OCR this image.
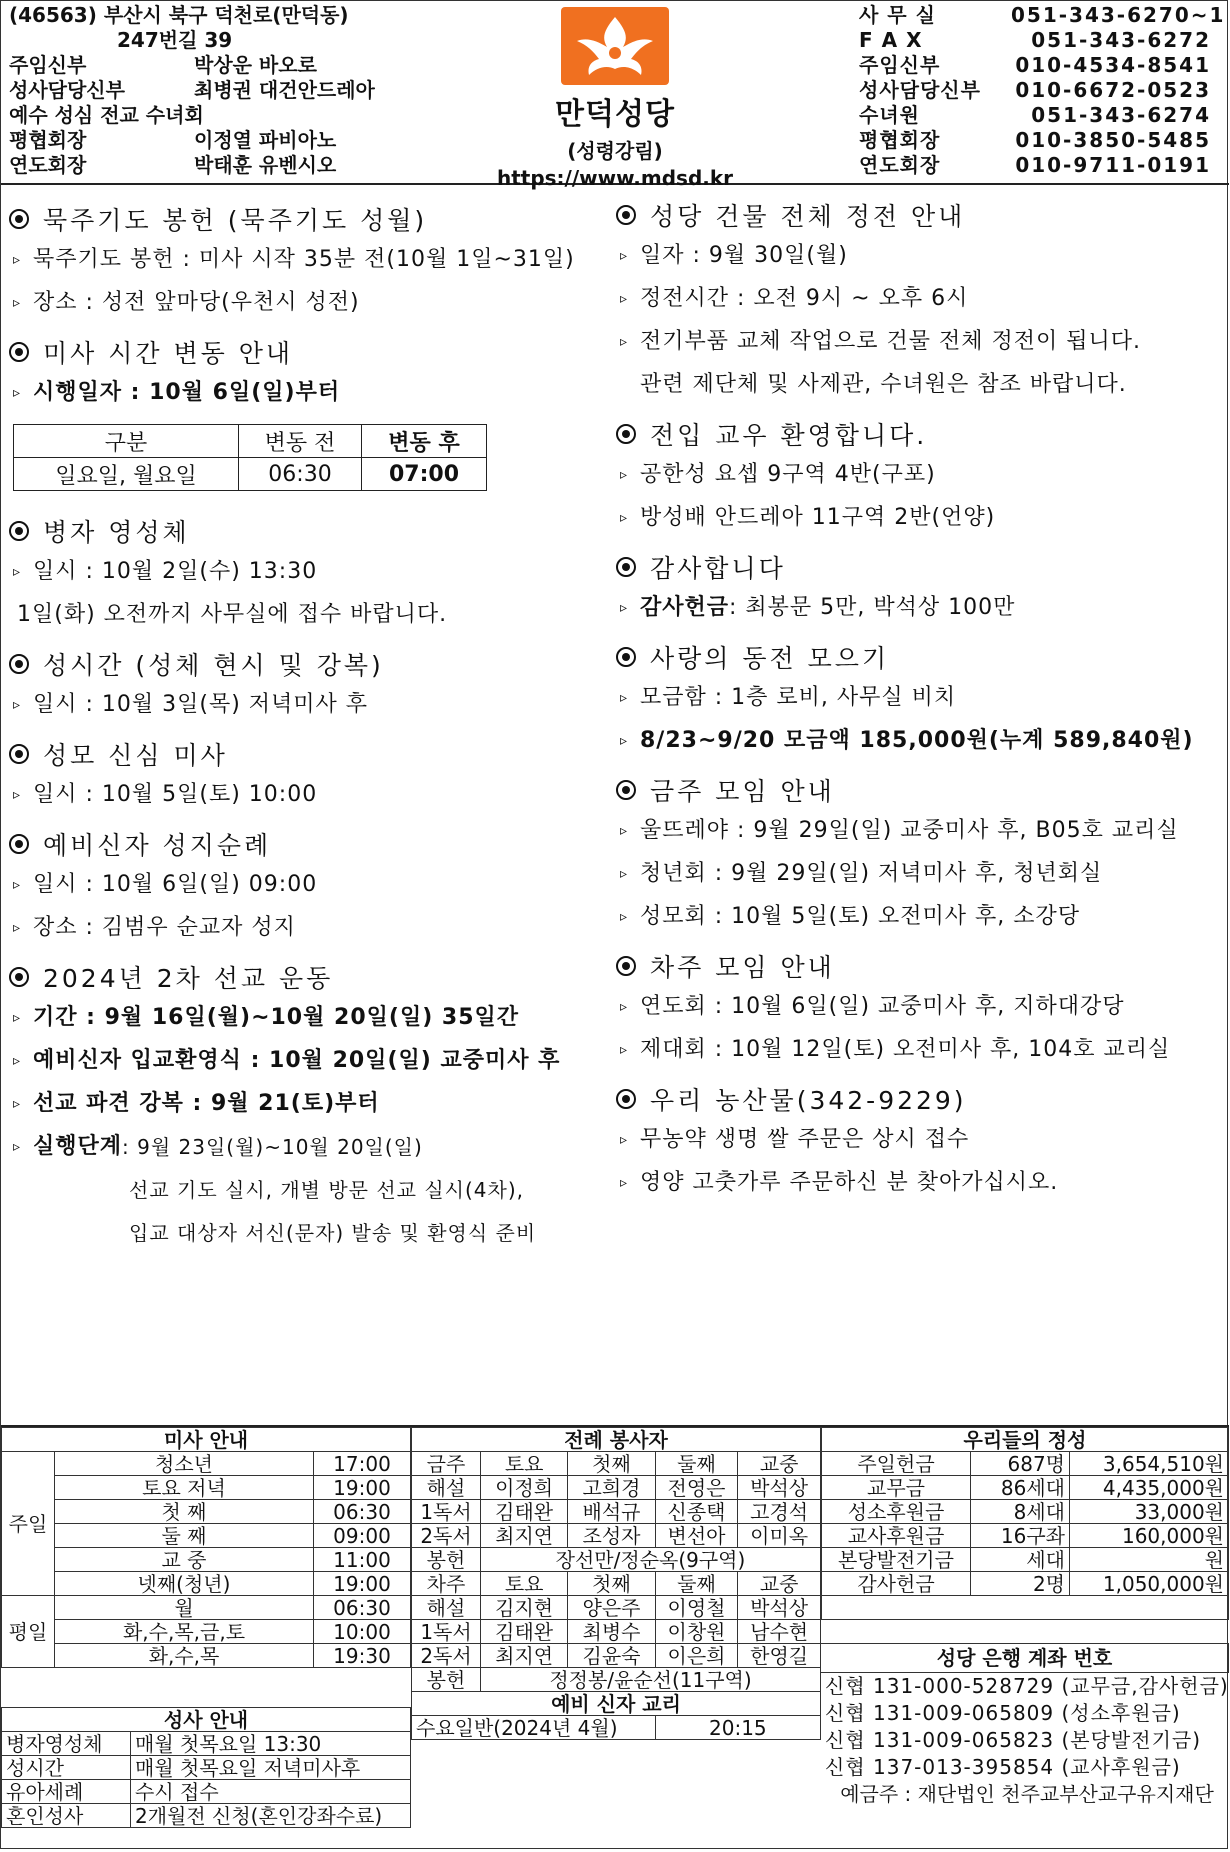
(46563) 부산시 북구 덕천로(만덕동)
247번길 39
주임신부	박상운 바오로
성사담당신부	최병권 대건안드레아
예수 성심 전교 수녀회
평협회장	이정열 파비아노
연도회장	박태훈 유벤시오
만덕성당
(성령강림)
https://www.mdsd.kr
사 무 실	051-343-6270~1
F A X	051-343-6272
주임신부	010-4534-8541
성사담당신부	010-6672-0523
수녀원	051-343-6274
평협회장	010-3850-5485
연도회장	010-9711-0191
묵주기도 봉헌 (묵주기도 성월)
▹ 묵주기도 봉헌 : 미사 시작 35분 전(10월 1일~31일)
▹ 장소 : 성전 앞마당(우천시 성전)
미사 시간 변동 안내
▹ 시행일자 : 10월 6일(일)부터
구분	변동 전	변동 후
일요일, 월요일	06:30	07:00
병자 영성체
▹ 일시 : 10월 2일(수) 13:30
1일(화) 오전까지 사무실에 접수 바랍니다.
성시간 (성체 현시 및 강복)
▹ 일시 : 10월 3일(목) 저녁미사 후
성모 신심 미사
▹ 일시 : 10월 5일(토) 10:00
예비신자 성지순례
▹ 일시 : 10월 6일(일) 09:00
▹ 장소 : 김범우 순교자 성지
2024년 2차 선교 운동
▹ 기간 : 9월 16일(월)~10월 20일(일) 35일간
▹ 예비신자 입교환영식 : 10월 20일(일) 교중미사 후
▹ 선교 파견 강복 : 9월 21(토)부터
▹ 실행단계 : 9월 23일(월)~10월 20일(일)
선교 기도 실시, 개별 방문 선교 실시(4차),
입교 대상자 서신(문자) 발송 및 환영식 준비
성당 건물 전체 정전 안내
▹ 일자 : 9월 30일(월)
▹ 정전시간 : 오전 9시 ~ 오후 6시
▹ 전기부품 교체 작업으로 건물 전체 정전이 됩니다.
관련 제단체 및 사제관, 수녀원은 참조 바랍니다.
전입 교우 환영합니다.
▹ 공한성 요셉 9구역 4반(구포)
▹ 방성배 안드레아 11구역 2반(언양)
감사합니다
▹ 감사헌금 : 최봉문 5만, 박석상 100만
사랑의 동전 모으기
▹ 모금함 : 1층 로비, 사무실 비치
▹ 8/23~9/20 모금액 185,000원(누계 589,840원)
금주 모임 안내
▹ 울뜨레야 : 9월 29일(일) 교중미사 후, B05호 교리실
▹ 청년회 : 9월 29일(일) 저녁미사 후, 청년회실
▹ 성모회 : 10월 5일(토) 오전미사 후, 소강당
차주 모임 안내
▹ 연도회 : 10월 6일(일) 교중미사 후, 지하대강당
▹ 제대회 : 10월 12일(토) 오전미사 후, 104호 교리실
우리 농산물(342-9229)
▹ 무농약 생명 쌀 주문은 상시 접수
▹ 영양 고춧가루 주문하신 분 찾아가십시오.
미사 안내		
주일	청소년	17:00
	토요 저녁	19:00
	첫 째	06:30
	둘 째	09:00
	교 중	11:00
	넷째(청년)	19:00
평일	월	06:30
	화,수,목,금,토	10:00
	화,수,목	19:30
성사 안내	
병자영성체	매월 첫목요일 13:30
성시간	매월 첫목요일 저녁미사후
유아세례	수시 접수
혼인성사	2개월전 신청(혼인강좌수료)
전례 봉사자				
금주	토요	첫째	둘째	교중
해설	이정희	고희경	전영은	박석상
1독서	김태완	배석규	신종택	고경석
2독서	최지연	조성자	변선아	이미옥
봉헌	장선만/정순옥(9구역)			
차주	토요	첫째	둘째	교중
해설	김지현	양은주	이영철	박석상
1독서	김태완	최병수	이창원	남수현
2독서	최지연	김윤숙	이은희	한영길
봉헌	정정봉/윤순선(11구역)			
예비 신자 교리				
수요일반(2024년 4월)			20:15	
우리들의 정성		
주일헌금	687명	3,654,510원
교무금	86세대	4,435,000원
성소후원금	8세대	33,000원
교사후원금	16구좌	160,000원
본당발전기금	세대	원
감사헌금	2명	1,050,000원

성당 은행 계좌 번호
신협 131-000-528729 (교무금,감사헌금)
신협 131-009-065809 (성소후원금)
신협 131-009-065823 (본당발전기금)
신협 137-013-395854 (교사후원금)
예금주 : 재단법인 천주교부산교구유지재단
